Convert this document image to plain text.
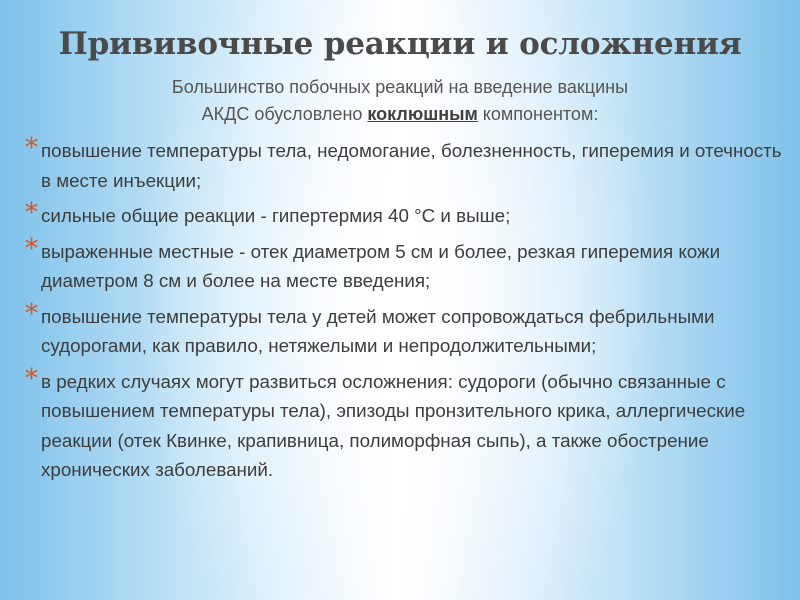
Прививочные реакции и осложнения
Большинство побочных реакций на введение вакцины
АКДС обусловлено коклюшным компонентом:
* повышение температуры тела, недомогание, болезненность, гиперемия и отечность в месте инъекции;
* сильные общие реакции - гипертермия 40 °С и выше;
* выраженные местные - отек диаметром 5 см и более, резкая гиперемия кожи диаметром 8 см и более на месте введения;
* повышение температуры тела у детей может сопровождаться фебрильными судорогами, как правило, нетяжелыми и непродолжительными;
* в редких случаях могут развиться осложнения: судороги (обычно связанные с повышением температуры тела), эпизоды пронзительного крика, аллергические реакции (отек Квинке, крапивница, полиморфная сыпь), а также обострение хронических заболеваний.
